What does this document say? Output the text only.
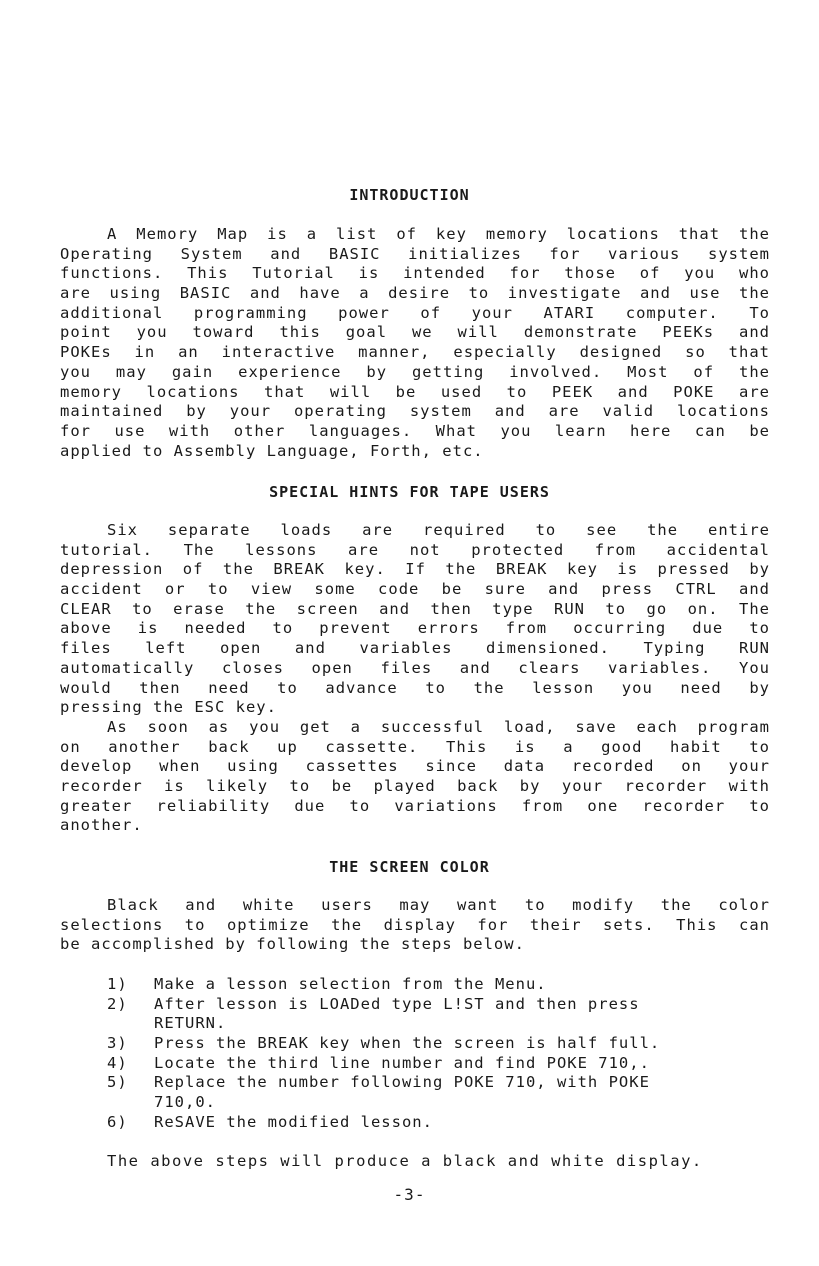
INTRODUCTION
A Memory Map is a list of key memory locations that the
Operating System and BASIC initializes for various system
functions. This Tutorial is intended for those of you who
are using BASIC and have a desire to investigate and use the
additional programming power of your ATARI computer. To
point you toward this goal we will demonstrate PEEKs and
POKEs in an interactive manner, especially designed so that
you may gain experience by getting involved. Most of the
memory locations that will be used to PEEK and POKE are
maintained by your operating system and are valid locations
for use with other languages. What you learn here can be
applied to Assembly Language, Forth, etc.
SPECIAL HINTS FOR TAPE USERS
Six separate loads are required to see the entire
tutorial. The lessons are not protected from accidental
depression of the BREAK key. If the BREAK key is pressed by
accident or to view some code be sure and press CTRL and
CLEAR to erase the screen and then type RUN to go on. The
above is needed to prevent errors from occurring due to
files left open and variables dimensioned. Typing RUN
automatically closes open files and clears variables. You
would then need to advance to the lesson you need by
pressing the ESC key.
As soon as you get a successful load, save each program
on another back up cassette. This is a good habit to
develop when using cassettes since data recorded on your
recorder is likely to be played back by your recorder with
greater reliability due to variations from one recorder to
another.
THE SCREEN COLOR
Black and white users may want to modify the color
selections to optimize the display for their sets. This can
be accomplished by following the steps below.
1)	Make a lesson selection from the Menu.
2)	After lesson is LOADed type L!ST and then press
RETURN.
3)	Press the BREAK key when the screen is half full.
4)	Locate the third line number and find POKE 710,.
5)	Replace the number following POKE 710, with POKE
710,0.
6)	ReSAVE the modified lesson.
The above steps will produce a black and white display.
-3-
